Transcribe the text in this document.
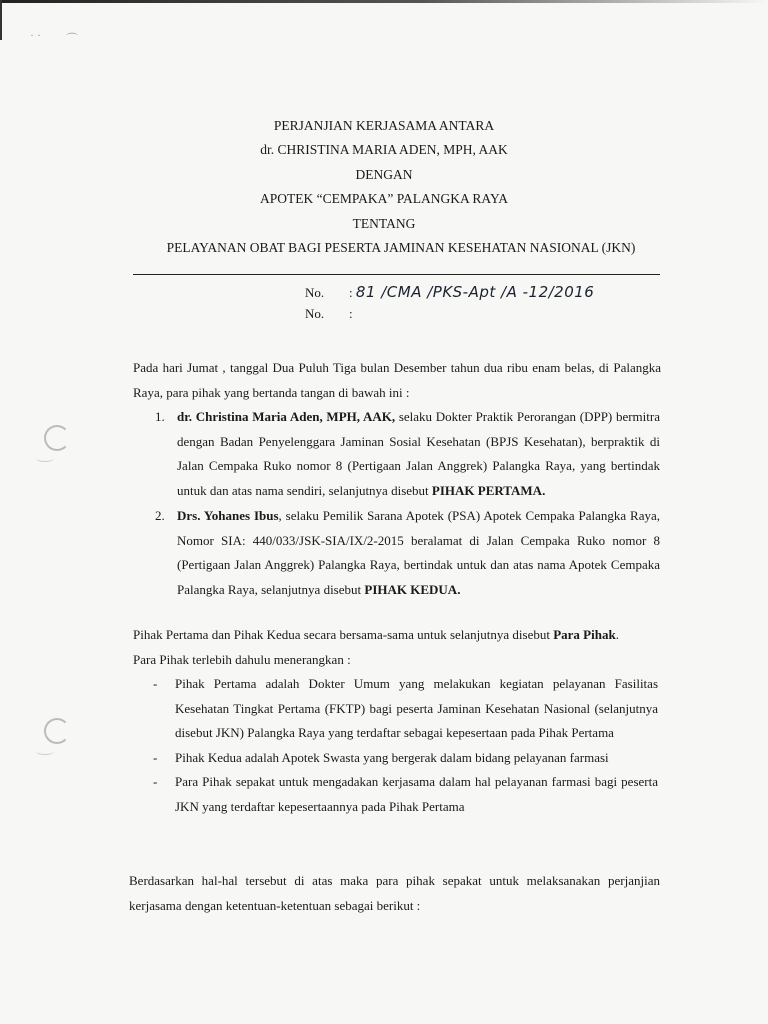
· · ⌒
PERJANJIAN KERJASAMA ANTARA
dr. CHRISTINA MARIA ADEN, MPH, AAK
DENGAN
APOTEK “CEMPAKA” PALANGKA RAYA
TENTANG
PELAYANAN OBAT BAGI PESERTA JAMINAN KESEHATAN NASIONAL (JKN)
No. : 81 /CMA /PKS-Apt /A -12/2016
No. :
Pada hari Jumat , tanggal Dua Puluh Tiga bulan Desember tahun dua ribu enam belas, di Palangka Raya, para pihak yang bertanda tangan di bawah ini :
1. dr. Christina Maria Aden, MPH, AAK, selaku Dokter Praktik Perorangan (DPP) bermitra dengan Badan Penyelenggara Jaminan Sosial Kesehatan (BPJS Kesehatan), berpraktik di Jalan Cempaka Ruko nomor 8 (Pertigaan Jalan Anggrek) Palangka Raya, yang bertindak untuk dan atas nama sendiri, selanjutnya disebut PIHAK PERTAMA.
2. Drs. Yohanes Ibus, selaku Pemilik Sarana Apotek (PSA) Apotek Cempaka Palangka Raya, Nomor SIA: 440/033/JSK-SIA/IX/2-2015 beralamat di Jalan Cempaka Ruko nomor 8 (Pertigaan Jalan Anggrek) Palangka Raya, bertindak untuk dan atas nama Apotek Cempaka Palangka Raya, selanjutnya disebut PIHAK KEDUA.
Pihak Pertama dan Pihak Kedua secara bersama-sama untuk selanjutnya disebut Para Pihak.
Para Pihak terlebih dahulu menerangkan :
- Pihak Pertama adalah Dokter Umum yang melakukan kegiatan pelayanan Fasilitas Kesehatan Tingkat Pertama (FKTP) bagi peserta Jaminan Kesehatan Nasional (selanjutnya disebut JKN) Palangka Raya yang terdaftar sebagai kepesertaan pada Pihak Pertama
- Pihak Kedua adalah Apotek Swasta yang bergerak dalam bidang pelayanan farmasi
- Para Pihak sepakat untuk mengadakan kerjasama dalam hal pelayanan farmasi bagi peserta JKN yang terdaftar kepesertaannya pada Pihak Pertama
Berdasarkan hal-hal tersebut di atas maka para pihak sepakat untuk melaksanakan perjanjian kerjasama dengan ketentuan-ketentuan sebagai berikut :
